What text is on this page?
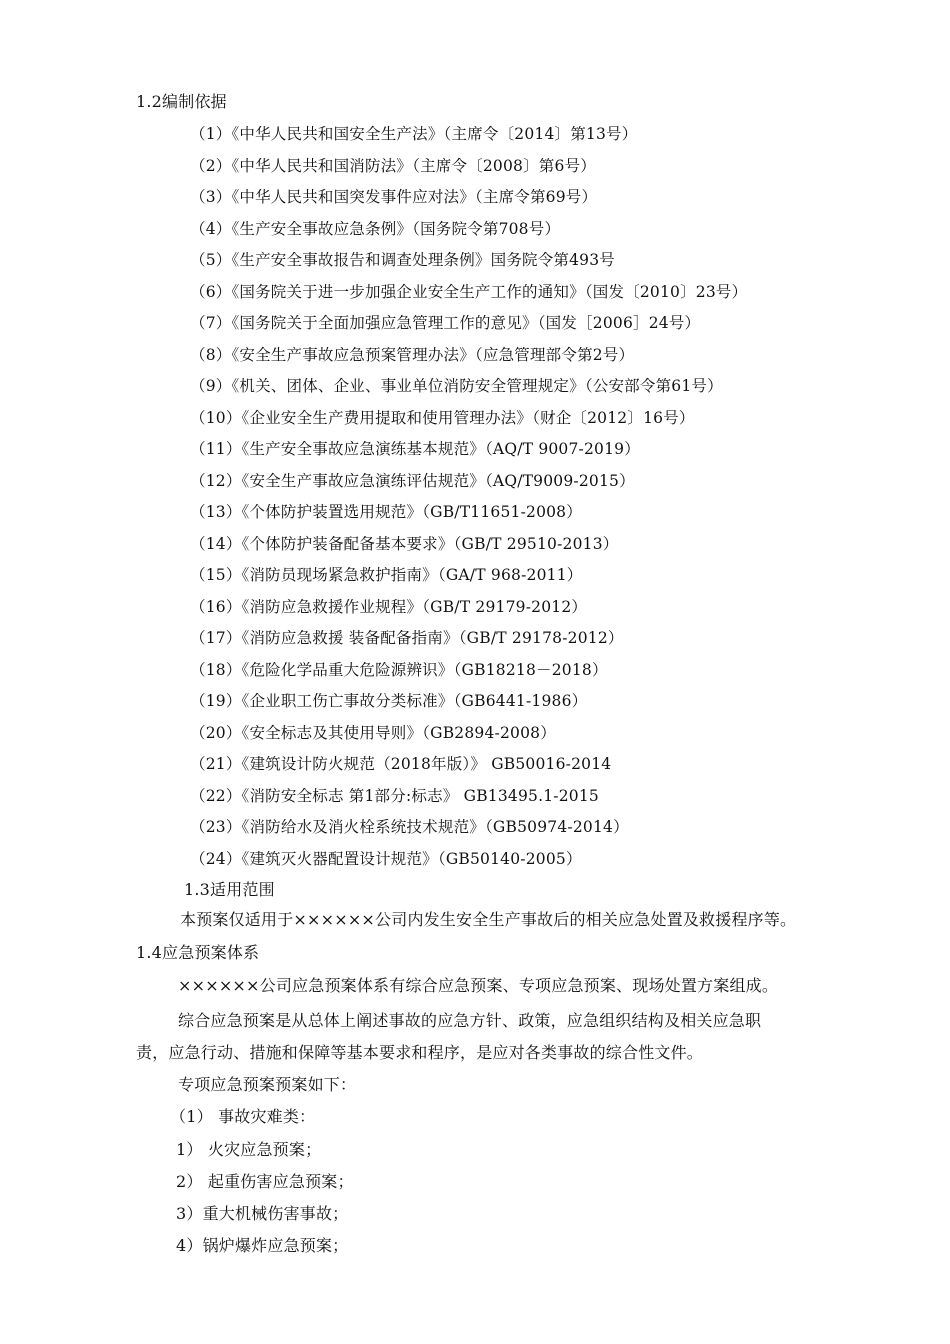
1.2编制依据
（1）《中华人民共和国安全生产法》（主席令〔2014〕第13号）
（2）《中华人民共和国消防法》（主席令〔2008〕第6号）
（3）《中华人民共和国突发事件应对法》（主席令第69号）
（4）《生产安全事故应急条例》（国务院令第708号）
（5）《生产安全事故报告和调查处理条例》国务院令第493号
（6）《国务院关于进一步加强企业安全生产工作的通知》（国发〔2010〕23号）
（7）《国务院关于全面加强应急管理工作的意见》（国发［2006］24号）
（8）《安全生产事故应急预案管理办法》（应急管理部令第2号）
（9）《机关、团体、企业、事业单位消防安全管理规定》（公安部令第61号）
（10）《企业安全生产费用提取和使用管理办法》（财企〔2012〕16号）
（11）《生产安全事故应急演练基本规范》（AQ/T 9007-2019）
（12）《安全生产事故应急演练评估规范》（AQ/T9009-2015）
（13）《个体防护装置选用规范》（GB/T11651-2008）
（14）《个体防护装备配备基本要求》（GB/T 29510-2013）
（15）《消防员现场紧急救护指南》（GA/T 968-2011）
（16）《消防应急救援作业规程》（GB/T 29179-2012）
（17）《消防应急救援 装备配备指南》（GB/T 29178-2012）
（18）《危险化学品重大危险源辨识》（GB18218－2018）
（19）《企业职工伤亡事故分类标准》（GB6441-1986）
（20）《安全标志及其使用导则》（GB2894-2008）
（21）《建筑设计防火规范（2018年版）》 GB50016-2014
（22）《消防安全标志 第1部分:标志》 GB13495.1-2015
（23）《消防给水及消火栓系统技术规范》（GB50974-2014）
（24）《建筑灭火器配置设计规范》（GB50140-2005）
1.3适用范围
本预案仅适用于××××××公司内发生安全生产事故后的相关应急处置及救援程序等。
1.4应急预案体系
××××××公司应急预案体系有综合应急预案、专项应急预案、现场处置方案组成。
综合应急预案是从总体上阐述事故的应急方针、政策，应急组织结构及相关应急职
责，应急行动、措施和保障等基本要求和程序，是应对各类事故的综合性文件。
专项应急预案预案如下：
（1） 事故灾难类：
1） 火灾应急预案；
2） 起重伤害应急预案；
3）重大机械伤害事故；
4）锅炉爆炸应急预案；
